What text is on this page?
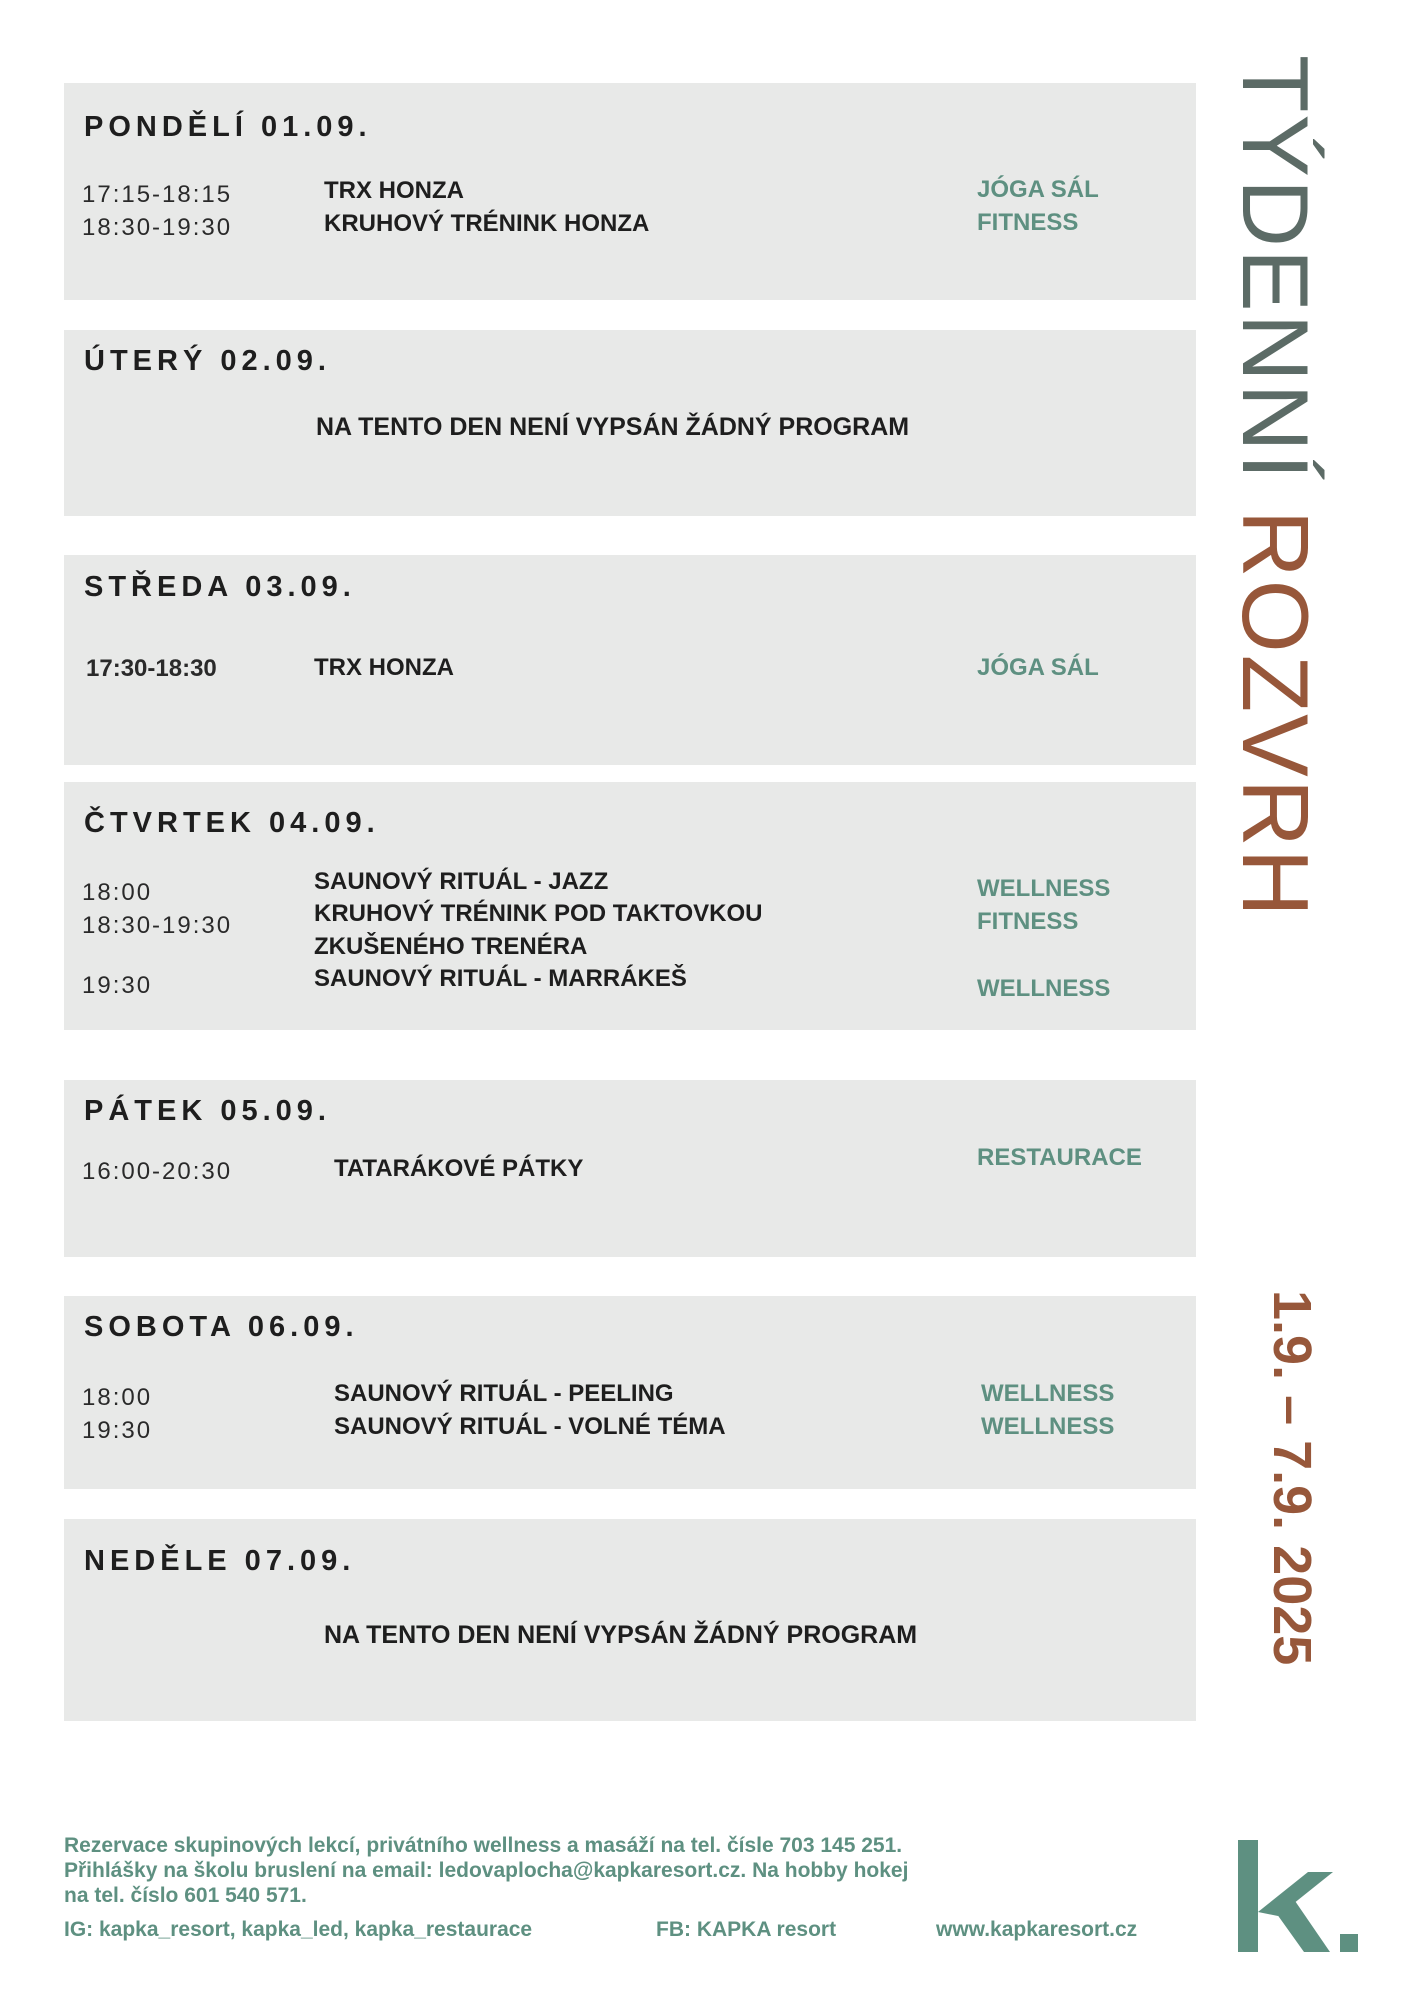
PONDĚLÍ 01.09.
17:15-18:15	TRX HONZA	JÓGA SÁL
18:30-19:30	KRUHOVÝ TRÉNINK HONZA	FITNESS
ÚTERÝ 02.09.
NA TENTO DEN NENÍ VYPSÁN ŽÁDNÝ PROGRAM
STŘEDA 03.09.
17:30-18:30	TRX HONZA	JÓGA SÁL
ČTVRTEK 04.09.
18:00	SAUNOVÝ RITUÁL - JAZZ	WELLNESS
18:30-19:30	KRUHOVÝ TRÉNINK POD TAKTOVKOU	FITNESS
ZKUŠENÉHO TRENÉRA
19:30	SAUNOVÝ RITUÁL - MARRÁKEŠ	WELLNESS
PÁTEK 05.09.
16:00-20:30	TATARÁKOVÉ PÁTKY	RESTAURACE
SOBOTA 06.09.
18:00	SAUNOVÝ RITUÁL - PEELING	WELLNESS
19:30	SAUNOVÝ RITUÁL - VOLNÉ TÉMA	WELLNESS
NEDĚLE 07.09.
NA TENTO DEN NENÍ VYPSÁN ŽÁDNÝ PROGRAM
TÝDENNÍ ROZVRH
1.9. – 7.9. 2025
Rezervace skupinových lekcí, privátního wellness a masáží na tel. čísle 703 145 251.
Přihlášky na školu bruslení na email: ledovaplocha@kapkaresort.cz. Na hobby hokej
na tel. číslo 601 540 571.
IG: kapka_resort, kapka_led, kapka_restaurace	FB: KAPKA resort	www.kapkaresort.cz
